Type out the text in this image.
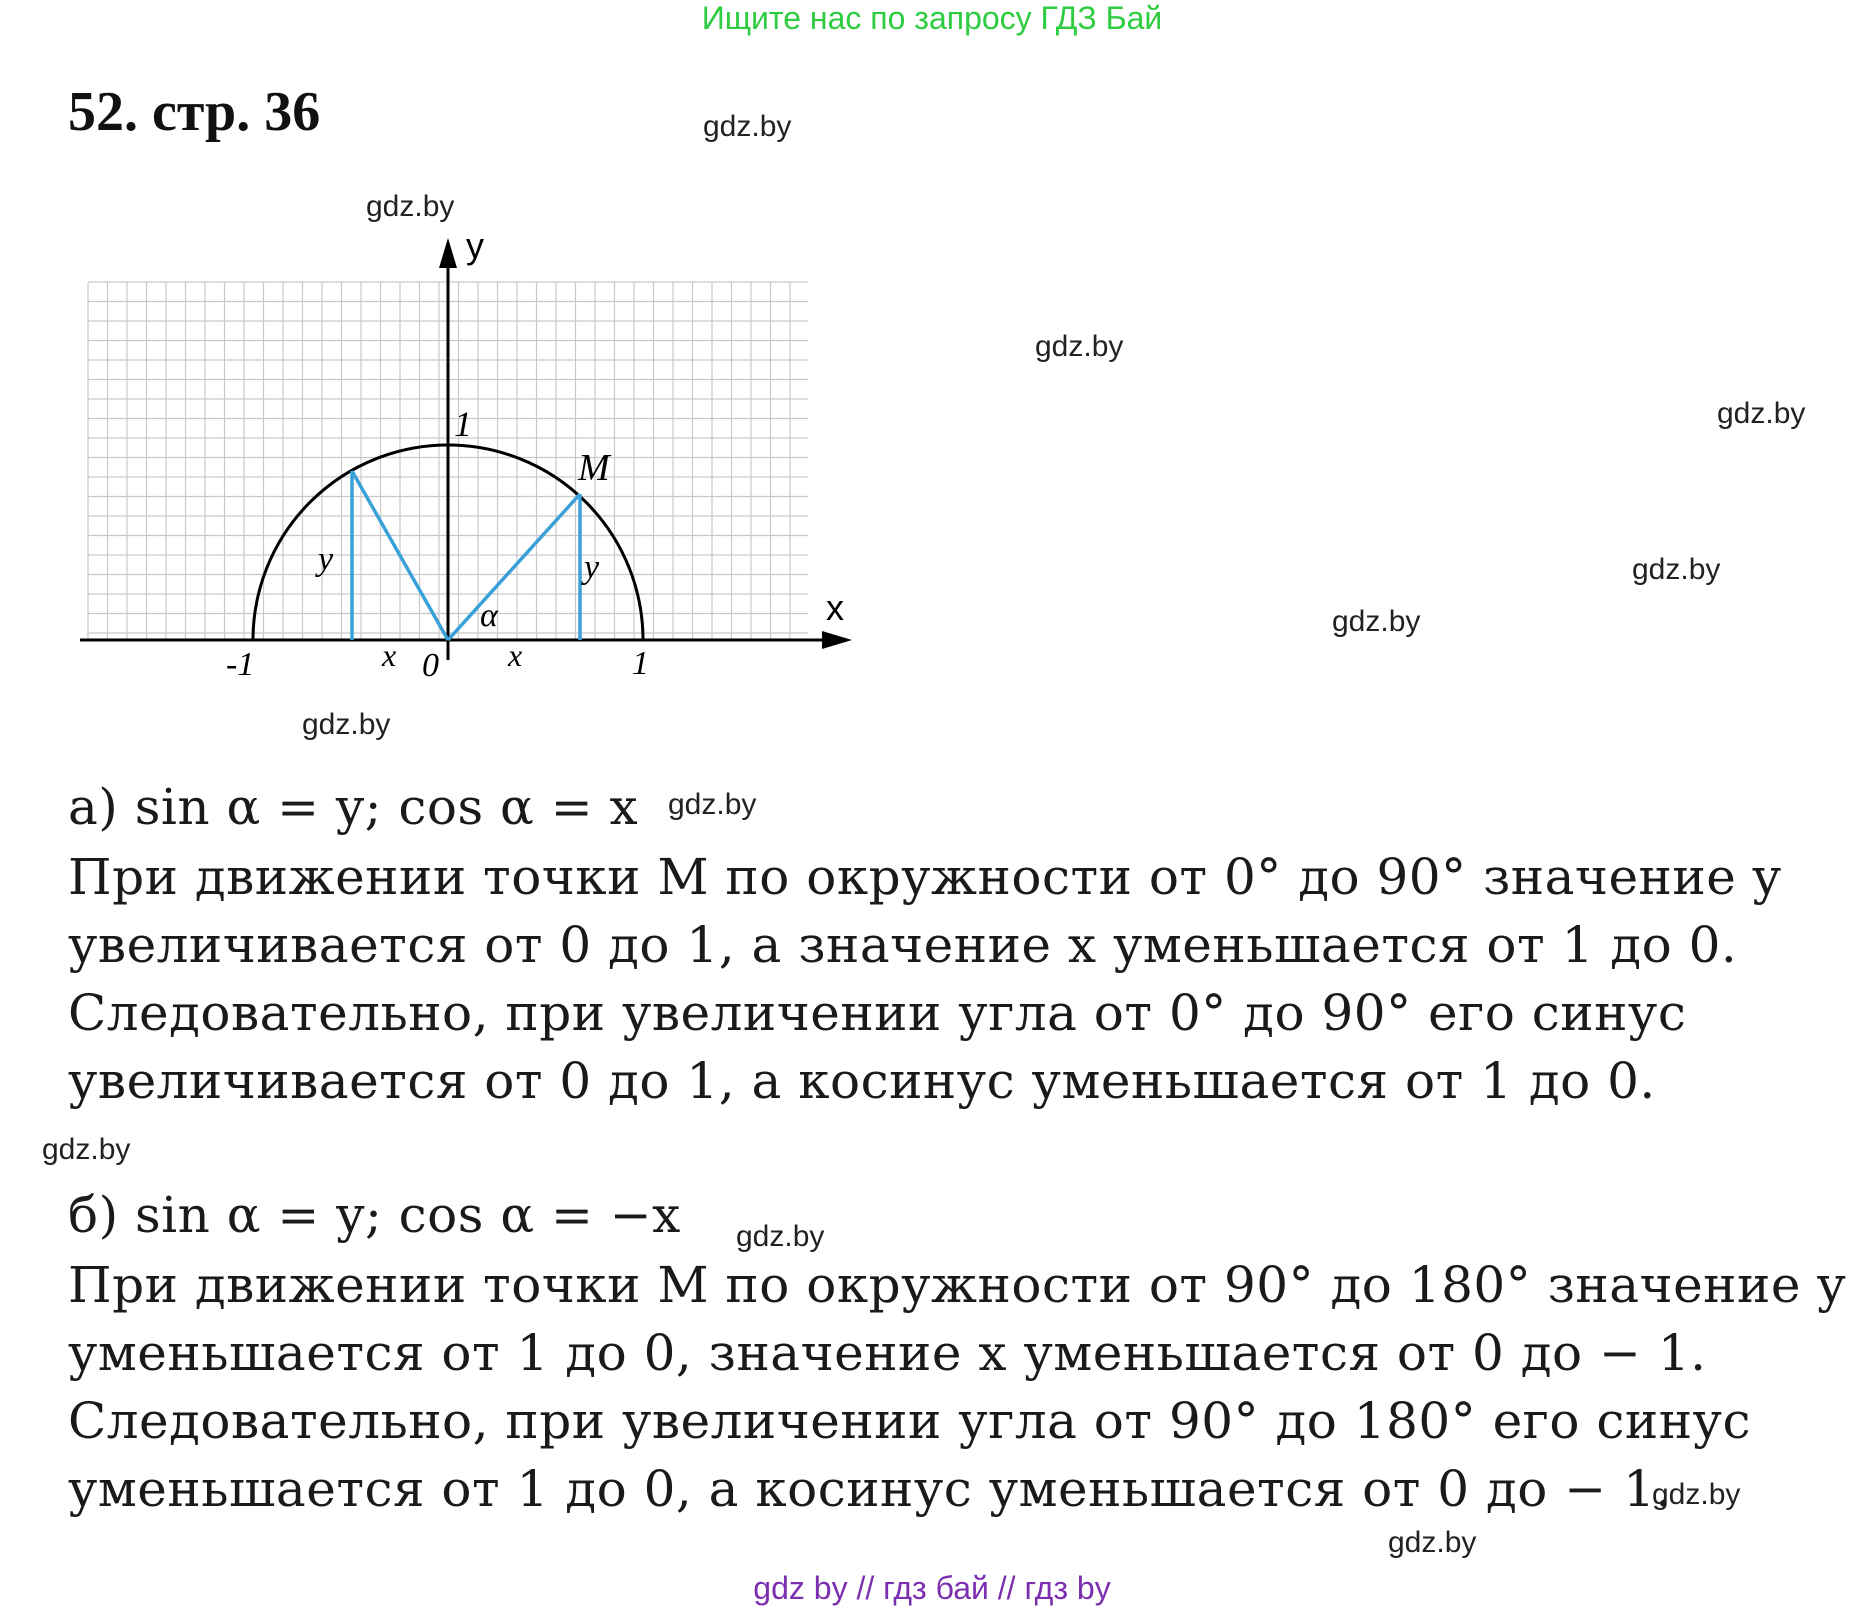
Ищите нас по запросу ГДЗ Бай
52. стр. 36	gdz.by
gdz.by
gdz.by
gdz.by
gdz.by
gdz.by
gdz.by
gdz.by
gdz.by
gdz.by
gdz.by
gdz.by
y
x
1
M
y	y
α
-1	x 0 x	1
а) sin α = y; cos α = x
При движении точки M по окружности от 0° до 90° значение y
увеличивается от 0 до 1, а значение x уменьшается от 1 до 0.
Следовательно, при увеличении угла от 0° до 90° его синус
увеличивается от 0 до 1, а косинус уменьшается от 1 до 0.
б) sin α = y; cos α = −x
При движении точки M по окружности от 90° до 180° значение y
уменьшается от 1 до 0, значение x уменьшается от 0 до − 1.
Следовательно, при увеличении угла от 90° до 180° его синус
уменьшается от 1 до 0, а косинус уменьшается от 0 до − 1.
gdz by // гдз бай // гдз by
